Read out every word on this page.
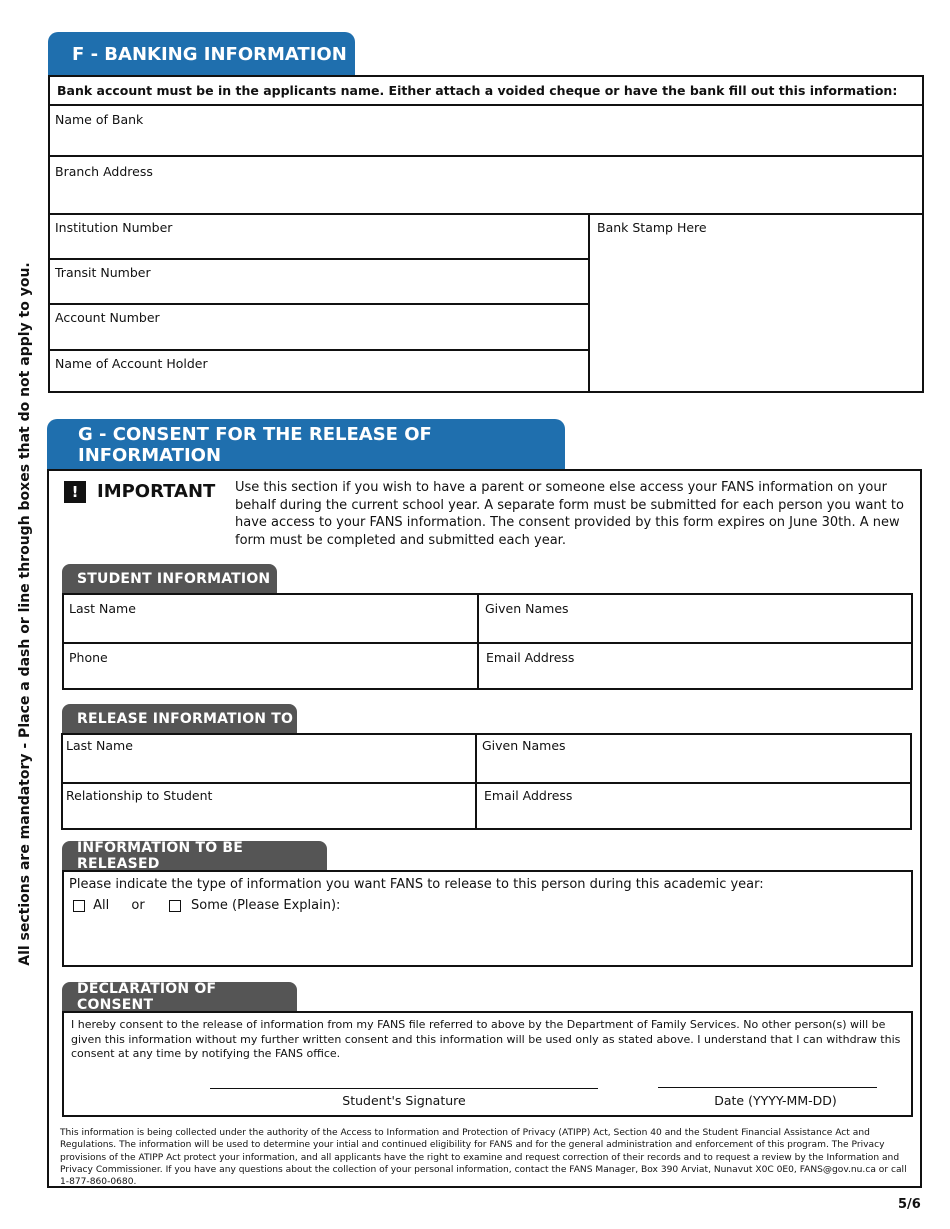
All sections are mandatory - Place a dash or line through boxes that do not apply to you.
F - BANKING INFORMATION
Bank account must be in the applicants name. Either attach a voided cheque or have the bank fill out this information:
Name of Bank
Branch Address
Institution Number
Transit Number
Account Number
Name of Account Holder
Bank Stamp Here
G - CONSENT FOR THE RELEASE OF INFORMATION
!	IMPORTANT Use this section if you wish to have a parent or someone else access your FANS information on your behalf during the current school year. A separate form must be submitted for each person you want to have access to your FANS information. The consent provided by this form expires on June 30th. A new form must be completed and submitted each year.
STUDENT INFORMATION
Last Name	Given Names
Phone	Email Address
RELEASE INFORMATION TO
Last Name	Given Names
Relationship to Student	Email Address
INFORMATION TO BE RELEASED
Please indicate the type of information you want FANS to release to this person during this academic year:
All or	Some (Please Explain):
DECLARATION OF CONSENT
I hereby consent to the release of information from my FANS file referred to above by the Department of Family Services. No other person(s) will be given this information without my further written consent and this information will be used only as stated above. I understand that I can withdraw this consent at any time by notifying the FANS office.
Student's Signature	Date (YYYY-MM-DD)
This information is being collected under the authority of the Access to Information and Protection of Privacy (ATIPP) Act, Section 40 and the Student Financial Assistance Act and Regulations. The information will be used to determine your intial and continued eligibility for FANS and for the general administration and enforcement of this program. The Privacy provisions of the ATIPP Act protect your information, and all applicants have the right to examine and request correction of their records and to request a review by the Information and Privacy Commissioner. If you have any questions about the collection of your personal information, contact the FANS Manager, Box 390 Arviat, Nunavut X0C 0E0, FANS@gov.nu.ca or call 1-877-860-0680.
5/6
